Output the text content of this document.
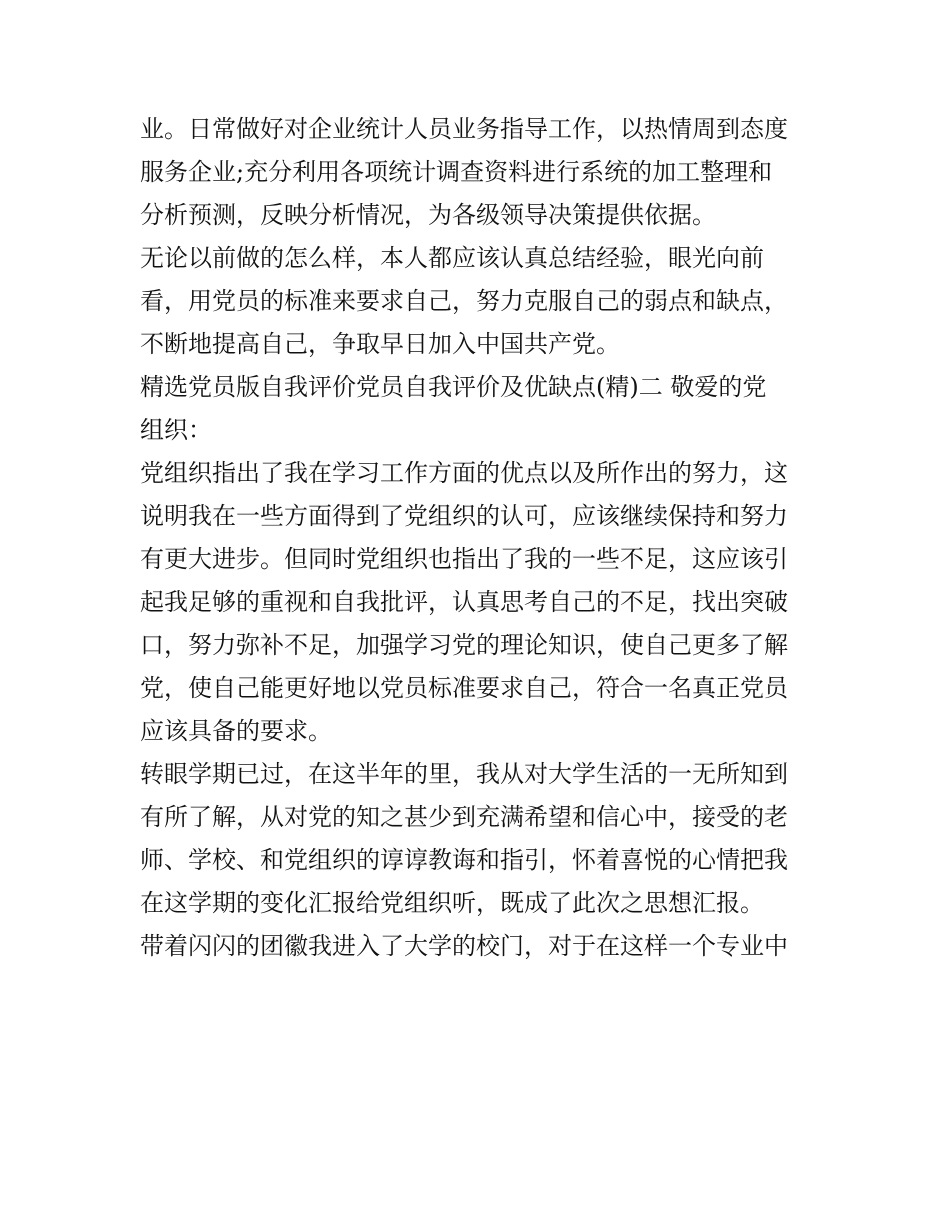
业。日常做好对企业统计人员业务指导工作，以热情周到态度
服务企业;充分利用各项统计调查资料进行系统的加工整理和
分析预测，反映分析情况，为各级领导决策提供依据。
无论以前做的怎么样，本人都应该认真总结经验，眼光向前
看，用党员的标准来要求自己，努力克服自己的弱点和缺点，
不断地提高自己，争取早日加入中国共产党。
精选党员版自我评价党员自我评价及优缺点(精)二 敬爱的党
组织：
党组织指出了我在学习工作方面的优点以及所作出的努力，这
说明我在一些方面得到了党组织的认可，应该继续保持和努力
有更大进步。但同时党组织也指出了我的一些不足，这应该引
起我足够的重视和自我批评，认真思考自己的不足，找出突破
口，努力弥补不足，加强学习党的理论知识，使自己更多了解
党，使自己能更好地以党员标准要求自己，符合一名真正党员
应该具备的要求。
转眼学期已过，在这半年的里，我从对大学生活的一无所知到
有所了解，从对党的知之甚少到充满希望和信心中，接受的老
师、学校、和党组织的谆谆教诲和指引，怀着喜悦的心情把我
在这学期的变化汇报给党组织听，既成了此次之思想汇报。
带着闪闪的团徽我进入了大学的校门，对于在这样一个专业中
